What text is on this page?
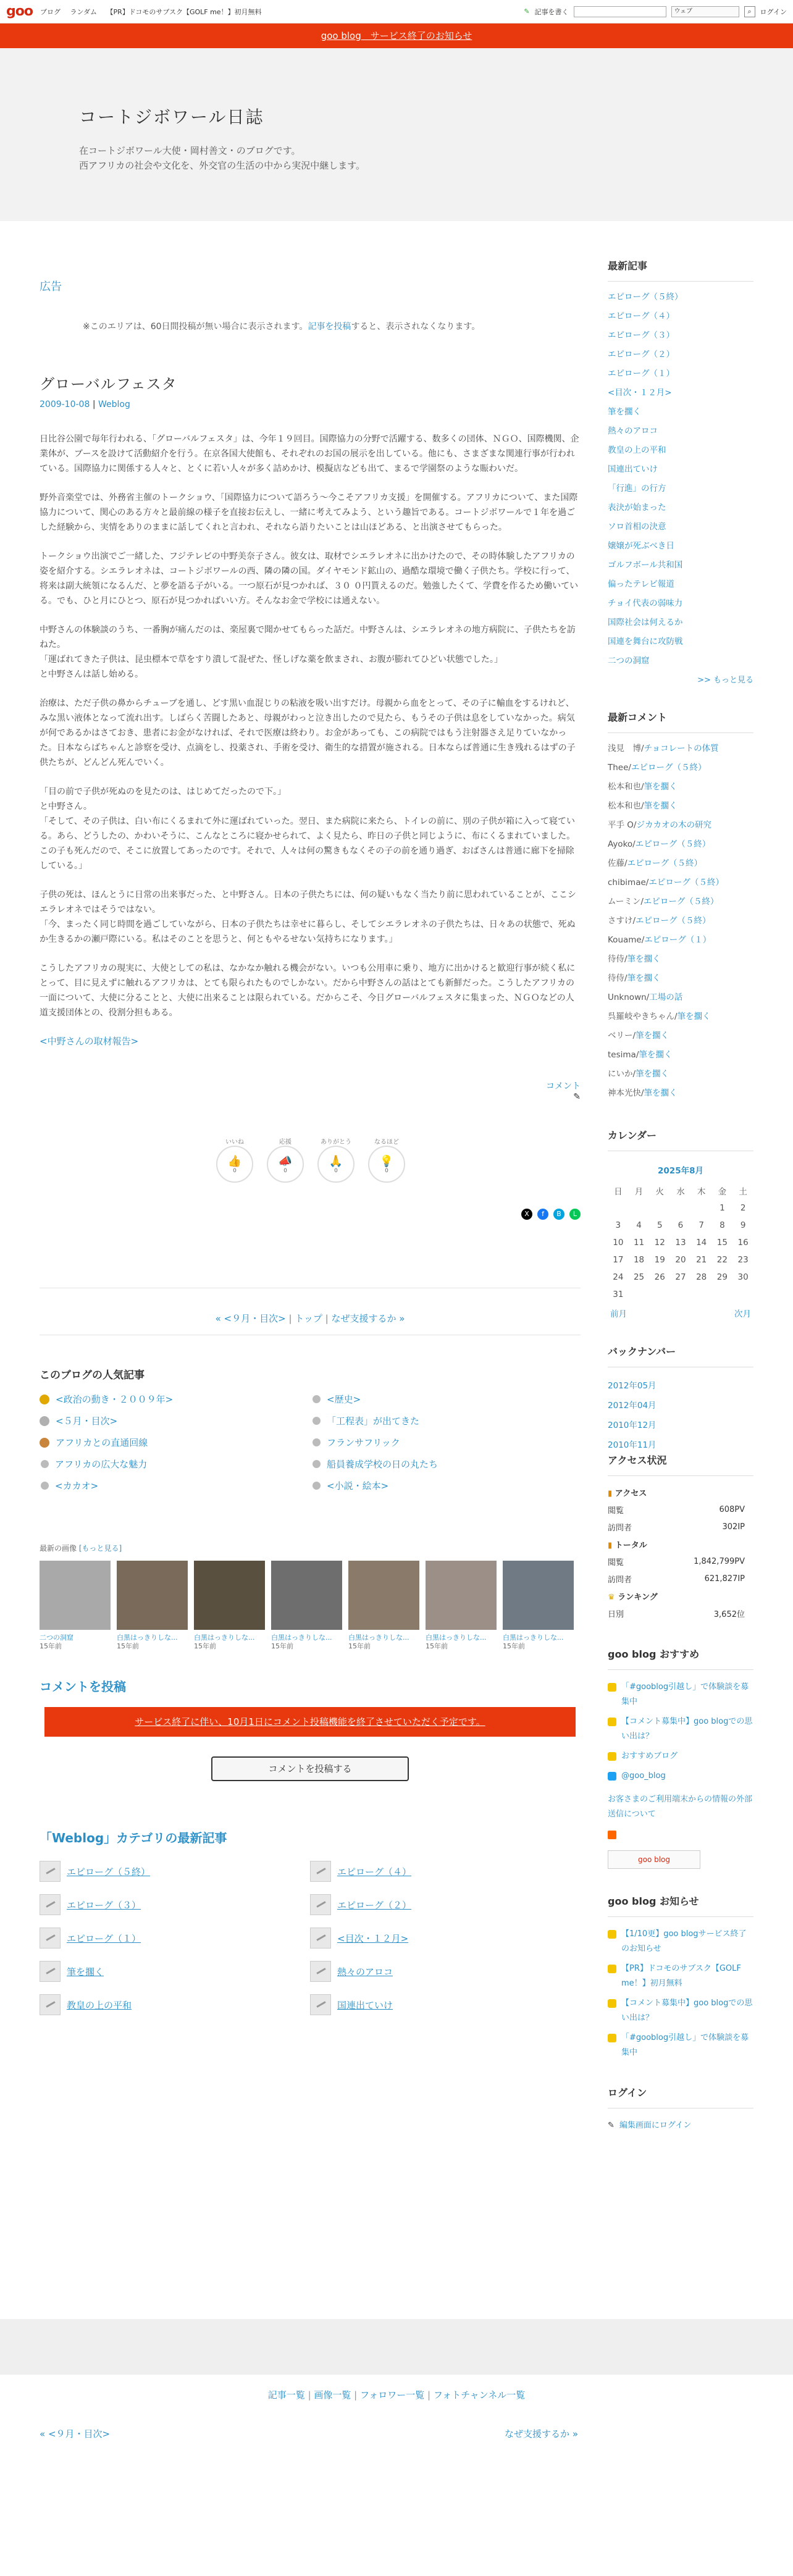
goo ブログ ランダム 【PR】ドコモのサブスク【GOLF me！】初月無料	✎ 記事を書く	ウェブ	⌕	ログイン
goo blog　サービス終了のお知らせ
コートジボワール日誌
在コートジボワール大使・岡村善文・のブログです。
西アフリカの社会や文化を、外交官の生活の中から実況中継します。
広告
※このエリアは、60日間投稿が無い場合に表示されます。記事を投稿すると、表示されなくなります。
グローバルフェスタ
2009-10-08 | Weblog

日比谷公園で毎年行われる、「グローバルフェスタ」は、今年１９回目。国際協力の分野で活躍する、数多くの団体、ＮＧＯ、国際機関、企業体が、ブースを設けて活動紹介を行う。在京各国大使館も、それぞれのお国の展示を出している。他にも、さまざまな関連行事が行われている。国際協力に関係する人々と、とくに若い人々が多く詰めかけ、模擬店なども出て、まるで学園祭のような賑わいだ。

野外音楽堂では、外務省主催のトークショウ、「国際協力について語ろう～今こそアフリカ支援」を開催する。アフリカについて、また国際協力について、関心のある方々と最前線の様子を直接お伝えし、一緒に考えてみよう、という趣旨である。コートジボワールで１年を過ごした経験から、実情をありのままに話してくれと言われ、それなら語りたいことは山ほどある、と出演させてもらった。

トークショウ出演でご一緒した、フジテレビの中野美奈子さん。彼女は、取材でシエラレオネに出かけたので、その時体験したアフリカの姿を紹介する。シエラレオネは、コートジボワールの西、隣の隣の国。ダイヤモンド鉱山の、過酷な環境で働く子供たち。学校に行って、将来は副大統領になるんだ、と夢を語る子がいる。一つ原石が見つかれば、３０ ０円貰えるのだ。勉強したくて、学費を作るため働いている。でも、ひと月にひとつ、原石が見つかればいい方。そんなお金で学校には通えない。

中野さんの体験談のうち、一番胸が痛んだのは、楽屋裏で聞かせてもらった話だ。中野さんは、シエラレオネの地方病院に、子供たちを訪ねた。
「運ばれてきた子供は、昆虫標本で草をすり潰して混ぜた、怪しげな薬を飲まされ、お腹が膨れてひどい状態でした。」
と中野さんは話し始める。

治療は、ただ子供の鼻からチューブを通し、どす黒い血混じりの粘液を吸い出すだけ。母親から血をとって、その子に輸血をするけれど、みな黒い液体となって流れ出す。しばらく苦闘したあと、母親がわっと泣き出したので見たら、もうその子供は息をしていなかった。病気が何であるかはさておき、患者にお金がなければ、それで医療は終わり。お金があっても、この病院ではもう注射器さえ足りていなかった。日本ならばちゃんと診察を受け、点滴をし、投薬され、手術を受け、衛生的な措置が施される。日本ならば普通に生き残れるはずの子供たちが、どんどん死んでいく。

「目の前で子供が死ぬのを見たのは、はじめてだったので下。」
と中野さん。
「そして、その子供は、白い布にくるまれて外に運ばれていった。翌日、また病院に来たら、トイレの前に、別の子供が箱に入って寝ている。あら、どうしたの、かわいそうに、こんなところに寝かせられて、よく見たら、昨日の子供と同じように、布にくるまれていました。この子も死んだので、そこに放置してあったのです。それで、人々は何の驚きもなくその子の前を通り過ぎ、おばさんは普通に廊下を掃除している。」

子供の死は、ほんとうに日常の出来事だった、と中野さん。日本の子供たちには、何の疑いもなく当たり前に思われていることが、ここシエラレオネではそうではない。
「今、まったく同じ時間を過ごしていながら、日本の子供たちは幸せに暮らし、そしてシエラレオネの子供たちは、日々あの状態で、死ぬか生きるかの瀬戸際にいる。私はそのことを思うと、何ともやるせない気持ちになります。」

こうしたアフリカの現実に、大使としての私は、なかなか触れる機会がない。いつも公用車に乗り、地方に出かけると歓迎行事が続く私にとって、目に見えずに触れるアフリカは、とても限られたものでしかない。だから中野さんの話はとても新鮮だった。こうしたアフリカの一面について、大使に分ることと、大使に出来ることは限られている。だからこそ、今日グローバルフェスタに集まった、ＮＧＯなどの人道支援団体との、役割分担もある。

<中野さんの取材報告>
コメント
✎
いいね
👍
0
応援
📣
0
ありがとう
🙏
0
なるほど
💡
0
X	f	B	L
« <９月・目次> | トップ | なぜ支援するか »
このブログの人気記事
<政治の動き・２００９年>	<歴史>
<５月・目次>	「工程表」が出てきた
アフリカとの直通回線	フランサフリック
アフリカの広大な魅力	船員養成学校の日の丸たち
<カカオ>	<小説・絵本>
最新の画像 [もっと見る]
二つの洞窟
15年前
白黒はっきりしな...
15年前
白黒はっきりしな...
15年前
白黒はっきりしな...
15年前
白黒はっきりしな...
15年前
白黒はっきりしな...
15年前
白黒はっきりしな...
15年前
コメントを投稿
サービス終了に伴い、10月1日にコメント投稿機能を終了させていただく予定です。
コメントを投稿する
「Weblog」カテゴリの最新記事
エピローグ（５終）	エピローグ（４）
エピローグ（３）	エピローグ（２）
エピローグ（１）	<目次・１２月>
筆を擱く	熱々のアロコ
教皇の上の平和	国連出ていけ
最新記事
エピローグ（５終）
エピローグ（４）
エピローグ（３）
エピローグ（２）
エピローグ（１）
<目次・１２月>
筆を擱く
熱々のアロコ
教皇の上の平和
国連出ていけ
「行進」の行方
表決が始まった
ソロ首相の決意
嬢嬢が死ぶべき日
ゴルフボール共和国
偏ったテレビ報道
チョイ代表の弱味力
国際社会は何えるか
国連を舞台に攻防戦
二つの洞窟
>> もっと見る
最新コメント
浅見　博/チョコレートの体質
Thee/エピローグ（５終）
松本和也/筆を擱く
松本和也/筆を擱く
平手 O/ジカカオの木の研究
Ayoko/エピローグ（５終）
佐藤/エピローグ（５終）
chibimae/エピローグ（５終）
ムーミン/エピローグ（５終）
さすけ/エピローグ（５終）
Kouame/エピローグ（１）
待侍/筆を擱く
待侍/筆を擱く
Unknown/工場の話
呉羅岐やきちゃん/筆を擱く
ベリー/筆を擱く
tesima/筆を擱く
にいか/筆を擱く
神本光快/筆を擱く
カレンダー
2025年8月
日	月	火	水	木	金	土
					1	2
3	4	5	6	7	8	9
10	11	12	13	14	15	16
17	18	19	20	21	22	23
24	25	26	27	28	29	30
31						
前月	次月
バックナンバー
2012年05月
2012年04月
2010年12月
2010年11月
アクセス状況
▮ アクセス
閲覧	608PV
訪問者	302IP
▮ トータル
閲覧	1,842,799PV
訪問者	621,827IP
♛ ランキング
日別	3,652位
goo blog おすすめ
「#gooblog引越し」で体験談を募集中
【コメント募集中】goo blogでの思い出は？
おすすめブログ
@goo_blog
お客さまのご利用端末からの情報の外部送信について
goo blog
goo blog お知らせ
【1/10更】goo blogサービス終了のお知らせ
【PR】ドコモのサブスク【GOLF me！】初月無料
【コメント募集中】goo blogでの思い出は？
「#gooblog引越し」で体験談を募集中
ログイン
✎ 編集画面にログイン
記事一覧 | 画像一覧 | フォロワー一覧 | フォトチャンネル一覧
« <９月・目次>	なぜ支援するか »
